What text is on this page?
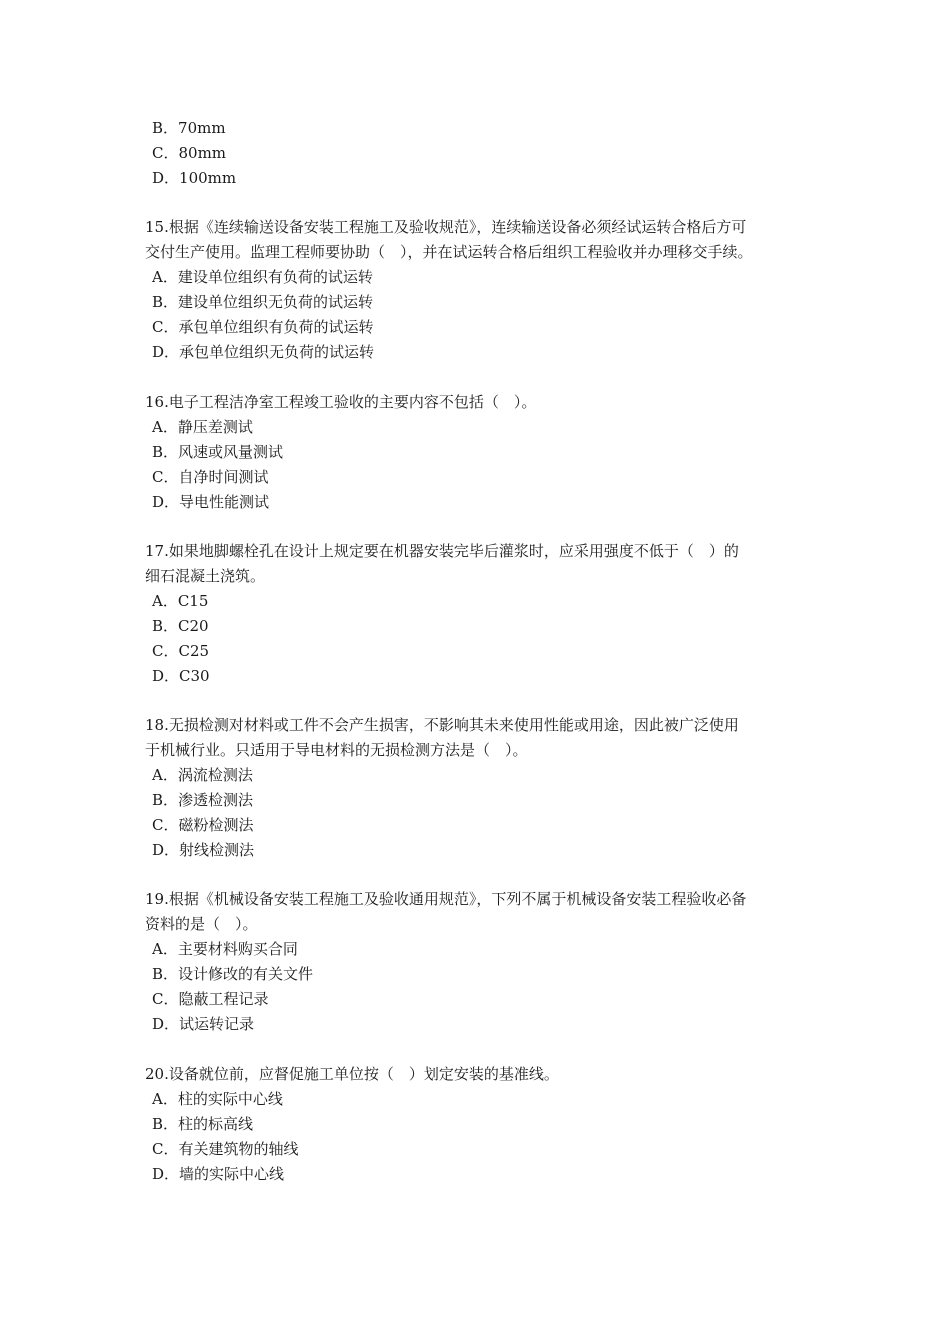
B．70mm
C．80mm
D．100mm
15.根据《连续输送设备安装工程施工及验收规范》，连续输送设备必须经试运转合格后方可
交付生产使用。监理工程师要协助（　），并在试运转合格后组织工程验收并办理移交手续。
A．建设单位组织有负荷的试运转
B．建设单位组织无负荷的试运转
C．承包单位组织有负荷的试运转
D．承包单位组织无负荷的试运转
16.电子工程洁净室工程竣工验收的主要内容不包括（　）。
A．静压差测试
B．风速或风量测试
C．自净时间测试
D．导电性能测试
17.如果地脚螺栓孔在设计上规定要在机器安装完毕后灌浆时，应采用强度不低于（　）的
细石混凝土浇筑。
A．C15
B．C20
C．C25
D．C30
18.无损检测对材料或工件不会产生损害，不影响其未来使用性能或用途，因此被广泛使用
于机械行业。只适用于导电材料的无损检测方法是（　）。
A．涡流检测法
B．渗透检测法
C．磁粉检测法
D．射线检测法
19.根据《机械设备安装工程施工及验收通用规范》，下列不属于机械设备安装工程验收必备
资料的是（　）。
A．主要材料购买合同
B．设计修改的有关文件
C．隐蔽工程记录
D．试运转记录
20.设备就位前，应督促施工单位按（　）划定安装的基准线。
A．柱的实际中心线
B．柱的标高线
C．有关建筑物的轴线
D．墙的实际中心线
